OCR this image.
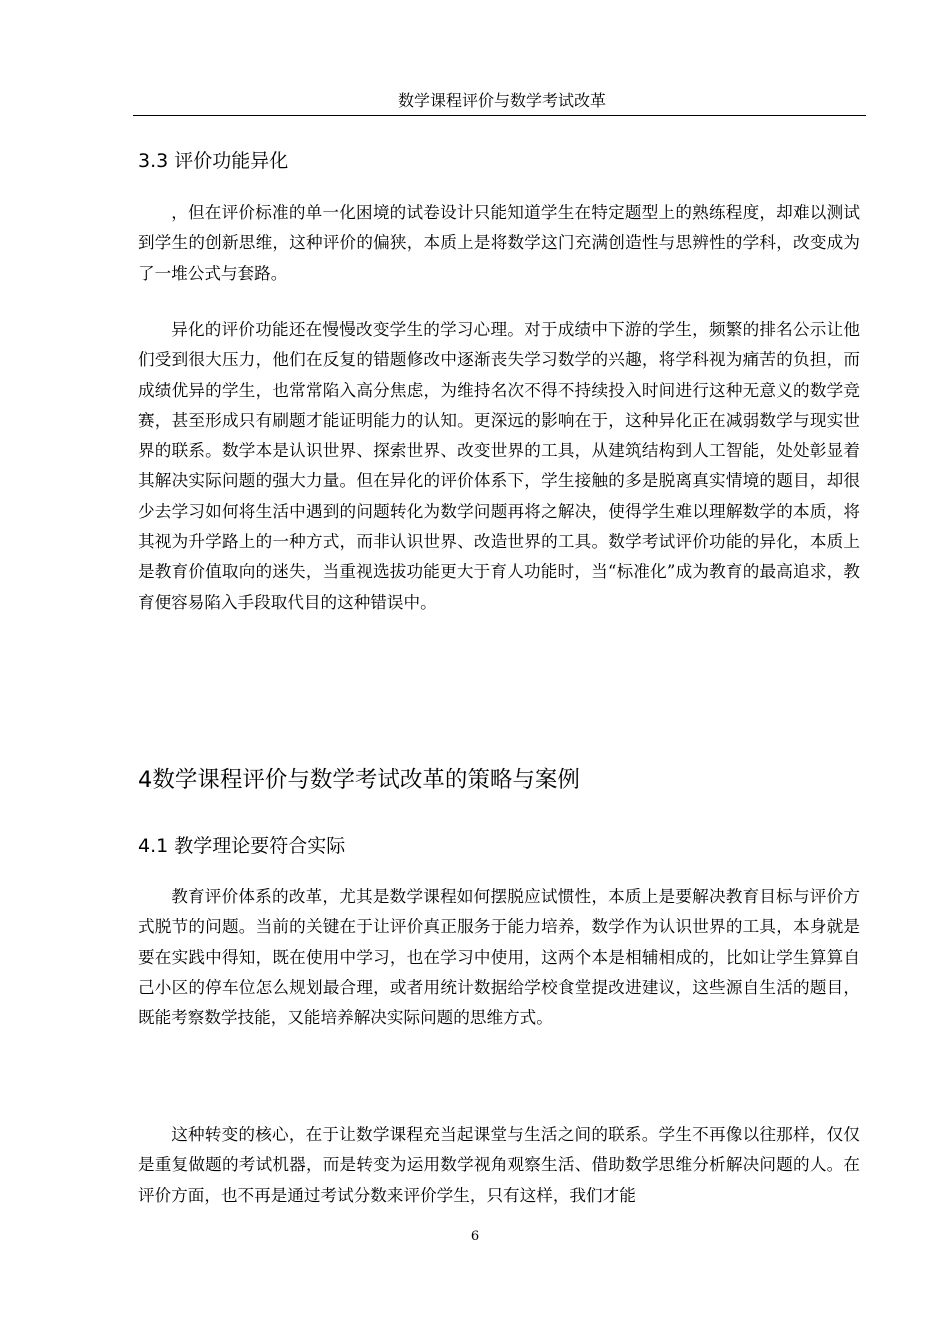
数学课程评价与数学考试改革
3.3 评价功能异化

，但在评价标准的单一化困境的试卷设计只能知道学生在特定题型上的熟练程度，却难以测试到学生的创新思维，这种评价的偏狭，本质上是将数学这门充满创造性与思辨性的学科，改变成为了一堆公式与套路。

异化的评价功能还在慢慢改变学生的学习心理。对于成绩中下游的学生，频繁的排名公示让他们受到很大压力，他们在反复的错题修改中逐渐丧失学习数学的兴趣，将学科视为痛苦的负担，而成绩优异的学生，也常常陷入高分焦虑，为维持名次不得不持续投入时间进行这种无意义的数学竞赛，甚至形成只有刷题才能证明能力的认知。更深远的影响在于，这种异化正在减弱数学与现实世界的联系。数学本是认识世界、探索世界、改变世界的工具，从建筑结构到人工智能，处处彰显着其解决实际问题的强大力量。但在异化的评价体系下，学生接触的多是脱离真实情境的题目，却很少去学习如何将生活中遇到的问题转化为数学问题再将之解决，使得学生难以理解数学的本质，将其视为升学路上的一种方式，而非认识世界、改造世界的工具。数学考试评价功能的异化，本质上是教育价值取向的迷失，当重视选拔功能更大于育人功能时，当“标准化”成为教育的最高追求，教育便容易陷入手段取代目的这种错误中。

4数学课程评价与数学考试改革的策略与案例
4.1 教学理论要符合实际

教育评价体系的改革，尤其是数学课程如何摆脱应试惯性，本质上是要解决教育目标与评价方式脱节的问题。当前的关键在于让评价真正服务于能力培养，数学作为认识世界的工具，本身就是要在实践中得知，既在使用中学习，也在学习中使用，这两个本是相辅相成的，比如让学生算算自己小区的停车位怎么规划最合理，或者用统计数据给学校食堂提改进建议，这些源自生活的题目，既能考察数学技能，又能培养解决实际问题的思维方式。

这种转变的核心，在于让数学课程充当起课堂与生活之间的联系。学生不再像以往那样，仅仅是重复做题的考试机器，而是转变为运用数学视角观察生活、借助数学思维分析解决问题的人。在评价方面，也不再是通过考试分数来评价学生，只有这样，我们才能

6
